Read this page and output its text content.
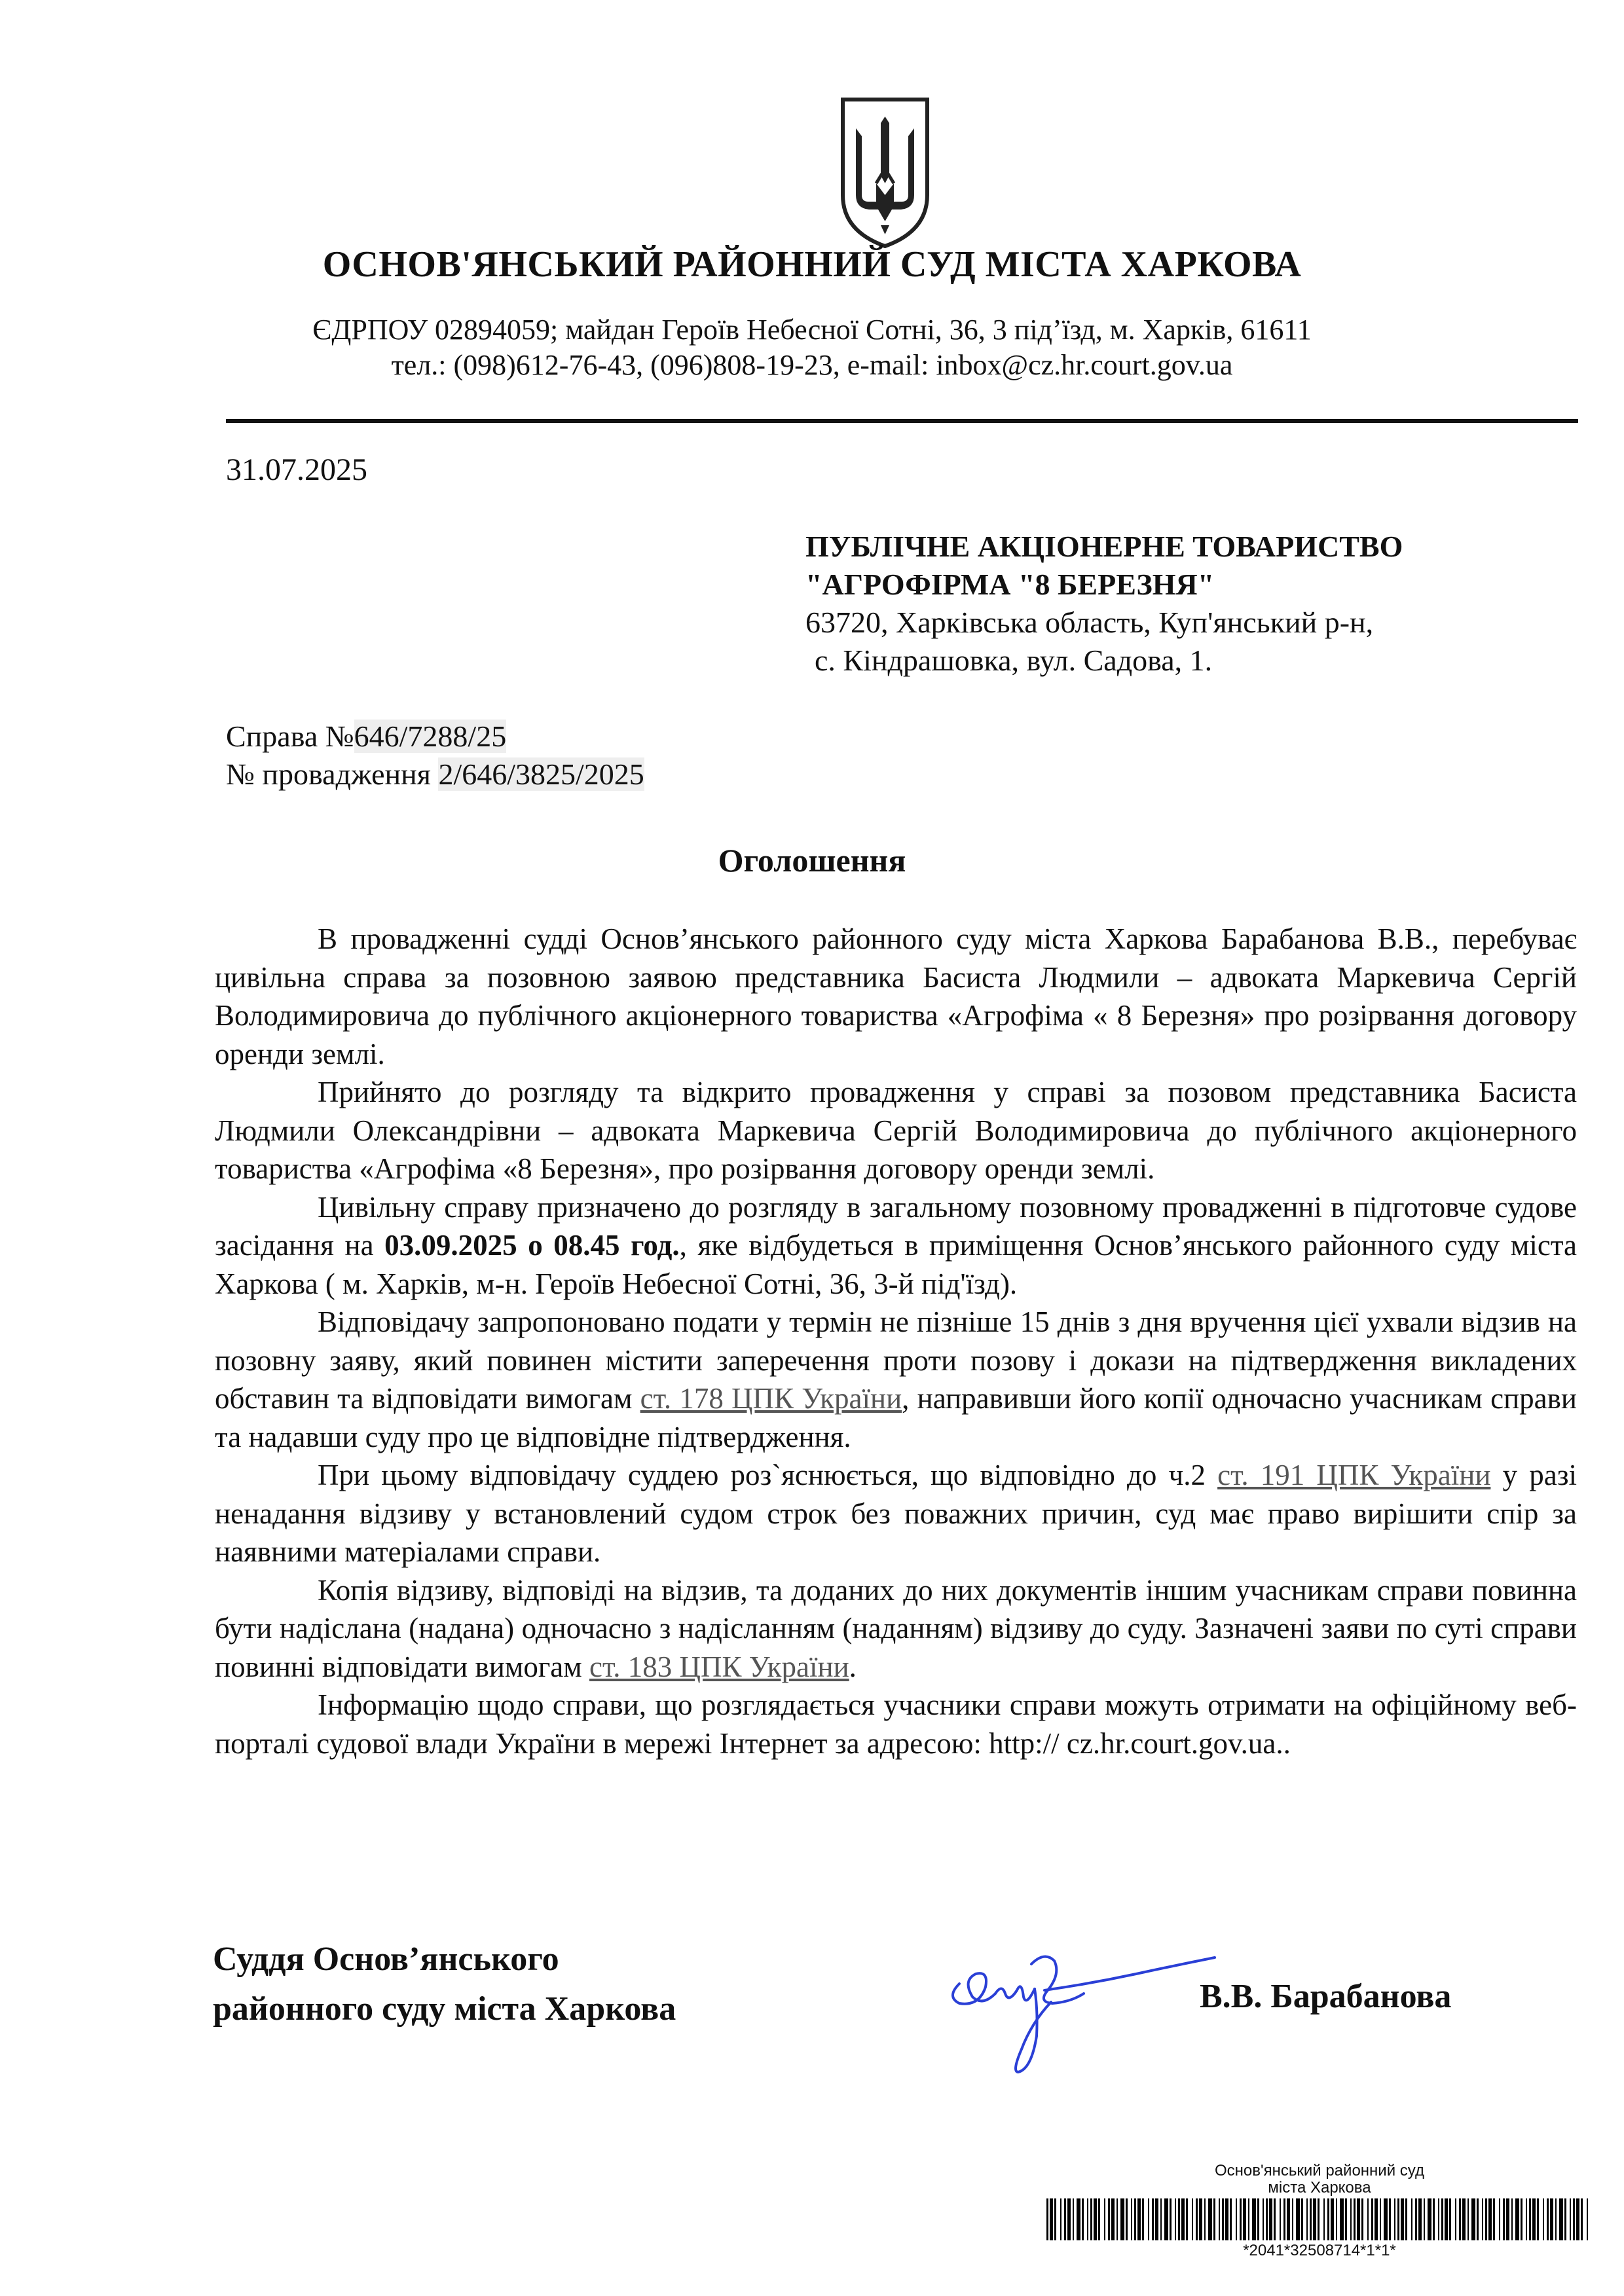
ОСНОВ'ЯНСЬКИЙ РАЙОННИЙ СУД МІСТА ХАРКОВА
ЄДРПОУ 02894059; майдан Героїв Небесної Сотні, 36, 3 під’їзд, м. Харків, 61611
тел.: (098)612-76-43, (096)808-19-23, e-mail: inbox@cz.hr.court.gov.ua
31.07.2025
ПУБЛІЧНЕ АКЦІОНЕРНЕ ТОВАРИСТВО
"АГРОФІРМА "8 БЕРЕЗНЯ"
63720, Харківська область, Куп'янський р-н,
с. Кіндрашовка, вул. Садова, 1.
Справа №646/7288/25
№ провадження 2/646/3825/2025
Оголошення

В провадженні судді Основ’янського районного суду міста Харкова Барабанова В.В., перебуває цивільна справа за позовною заявою представника Басиста Людмили – адвоката Маркевича Сергій Володимировича до публічного акціонерного товариства «Агрофіма « 8 Березня» про розірвання договору оренди землі.

Прийнято до розгляду та відкрито провадження у справі за позовом представника Басиста Людмили Олександрівни – адвоката Маркевича Сергій Володимировича до публічного акціонерного товариства «Агрофіма «8 Березня», про розірвання договору оренди землі.

Цивільну справу призначено до розгляду в загальному позовному провадженні в підготовче судове засідання на 03.09.2025 о 08.45 год., яке відбудеться в приміщення Основ’янського районного суду міста Харкова ( м. Харків, м-н. Героїв Небесної Сотні, 36, 3-й під'їзд).

Відповідачу запропоновано подати у термін не пізніше 15 днів з дня вручення цієї ухвали відзив на позовну заяву, який повинен містити заперечення проти позову і докази на підтвердження викладених обставин та відповідати вимогам ст. 178 ЦПК України, направивши його копії одночасно учасникам справи та надавши суду про це відповідне підтвердження.

При цьому відповідачу суддею роз`яснюється, що відповідно до ч.2 ст. 191 ЦПК України у разі ненадання відзиву у встановлений судом строк без поважних причин, суд має право вирішити спір за наявними матеріалами справи.

Копія відзиву, відповіді на відзив, та доданих до них документів іншим учасникам справи повинна бути надіслана (надана) одночасно з надісланням (наданням) відзиву до суду. Зазначені заяви по суті справи повинні відповідати вимогам ст. 183 ЦПК України.

Інформацію щодо справи, що розглядається учасники справи можуть отримати на офіційному веб-порталі судової влади України в мережі Інтернет за адресою: http:// cz.hr.court.gov.ua..

Суддя Основ’янського
районного суду міста Харкова	В.В. Барабанова
Основ'янський районний суд
міста Харкова
*2041*32508714*1*1*
